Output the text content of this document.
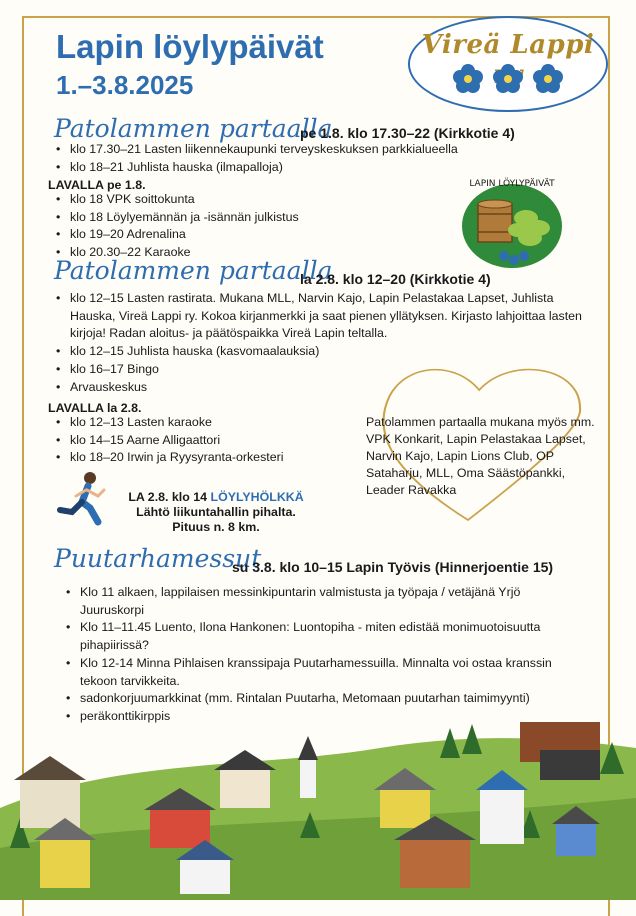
Lapin löylypäivät
1.–3.8.2025
Vireä Lappi

Patolammen partaalla
pe 1.8. klo 17.30–22 (Kirkkotie 4)
• klo 17.30–21 Lasten liikennekaupunki terveyskeskuksen parkkialueella
• klo 18–21 Juhlista hauska (ilmapalloja)
LAVALLA pe 1.8.
• klo 18 VPK soittokunta
• klo 18 Löylyemännän ja -isännän julkistus
• klo 19–20 Adrenalina
• klo 20.30–22 Karaoke
LAPIN LÖYLYPÄIVÄT
Patolammen partaalla
la 2.8. klo 12–20 (Kirkkotie 4)
• klo 12–15 Lasten rastirata. Mukana MLL, Narvin Kajo, Lapin Pelastakaa Lapset, Juhlista Hauska, Vireä Lappi ry. Kokoa kirjanmerkki ja saat pienen yllätyksen. Kirjasto lahjoittaa lasten kirjoja! Radan aloitus- ja päätöspaikka Vireä Lapin teltalla.
• klo 12–15 Juhlista hauska (kasvomaalauksia)
• klo 16–17 Bingo
• Arvauskeskus
LAVALLA la 2.8.
• klo 12–13 Lasten karaoke
• klo 14–15 Aarne Alligaattori
• klo 18–20 Irwin ja Ryysyranta-orkesteri
Patolammen partaalla mukana myös mm. VPK Konkarit, Lapin Pelastakaa Lapset, Narvin Kajo, Lapin Lions Club, OP Sataharju, MLL, Oma Säästöpankki, Leader Ravakka
LA 2.8. klo 14 LÖYLYHÖLKKÄ
Lähtö liikuntahallin pihalta.
Pituus n. 8 km.
Puutarhamessut
su 3.8. klo 10–15 Lapin Työvis (Hinnerjoentie 15)
• Klo 11 alkaen, lappilaisen messinkipuntarin valmistusta ja työpaja / vetäjänä Yrjö Juuruskorpi
• Klo 11–11.45 Luento, Ilona Hankonen: Luontopiha - miten edistää monimuotoisuutta pihapiirissä?
• Klo 12-14 Minna Pihlaisen kranssipaja Puutarhamessuilla. Minnalta voi ostaa kranssin tekoon tarvikkeita.
• sadonkorjuumarkkinat (mm. Rintalan Puutarha, Metomaan puutarhan taimimyynti)
• peräkonttikirppis
